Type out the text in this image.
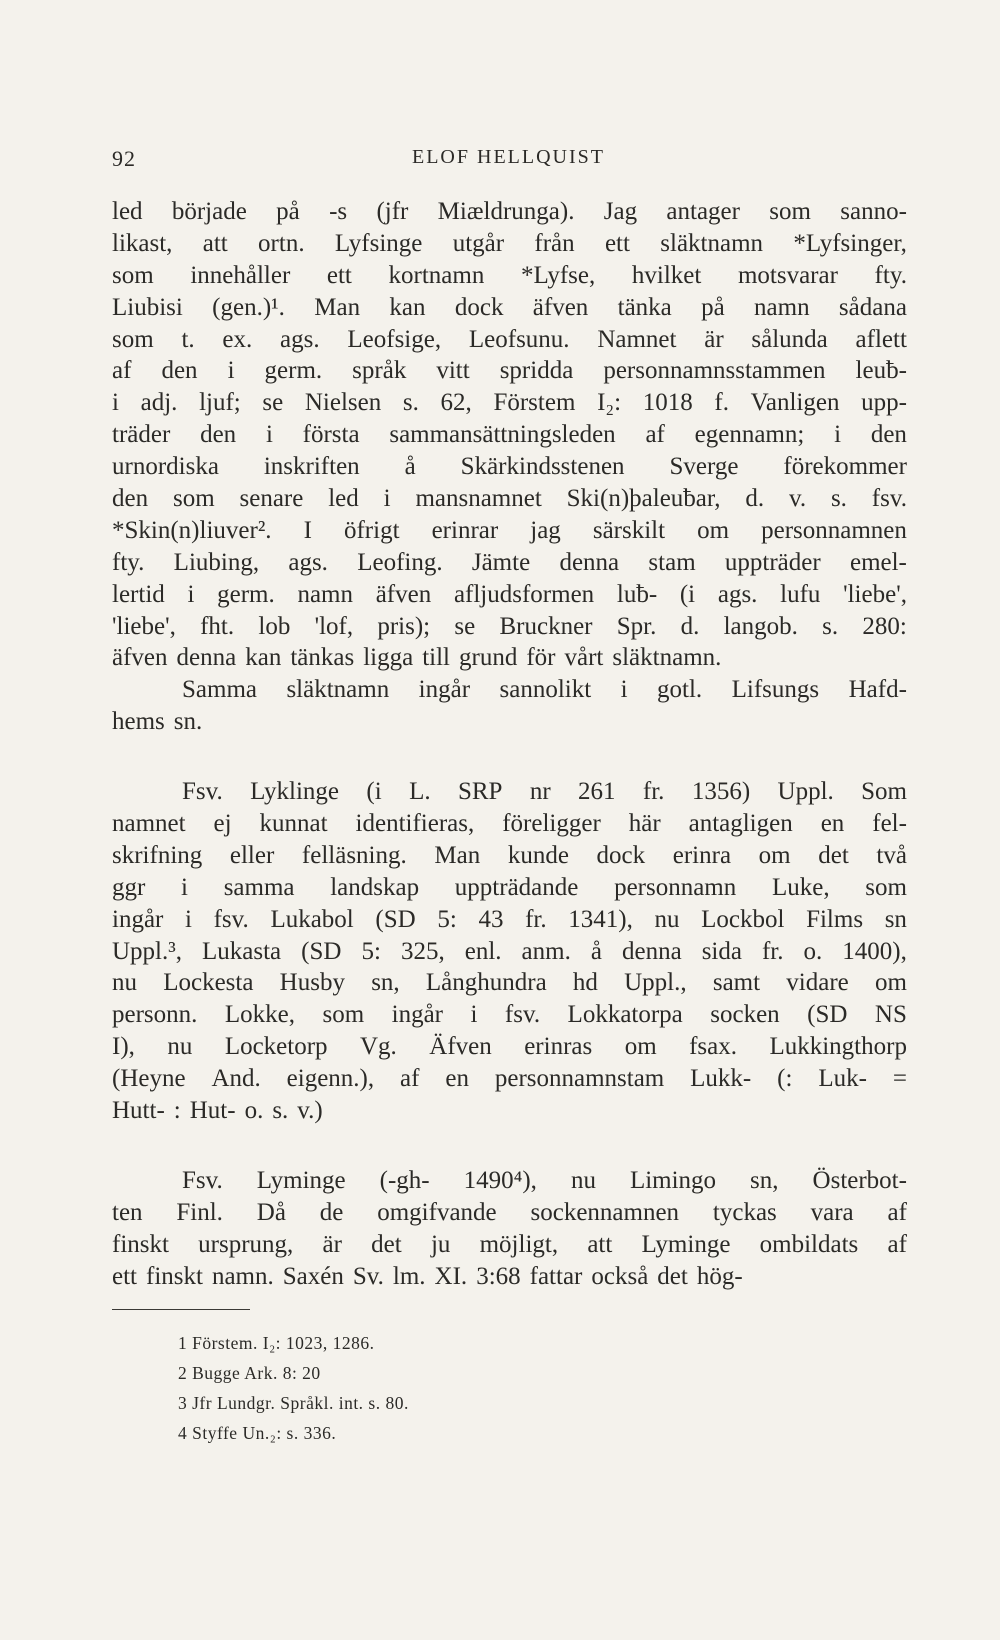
92	ELOF HELLQUIST
led började på -s (jfr Miældrunga). Jag antager som sanno-
likast, att ortn. Lyfsinge utgår från ett släktnamn *Lyfsinger,
som innehåller ett kortnamn *Lyfse, hvilket motsvarar fty.
Liubisi (gen.)¹. Man kan dock äfven tänka på namn sådana
som t. ex. ags. Leofsige, Leofsunu. Namnet är sålunda aflett
af den i germ. språk vitt spridda personnamnsstammen leuƀ-
i adj. ljuf; se Nielsen s. 62, Förstem I₂: 1018 f. Vanligen upp-
träder den i första sammansättningsleden af egennamn; i den
urnordiska inskriften å Skärkindsstenen Sverge förekommer
den som senare led i mansnamnet Ski(n)þaleuƀar, d. v. s. fsv.
*Skin(n)liuver². I öfrigt erinrar jag särskilt om personnamnen
fty. Liubing, ags. Leofing. Jämte denna stam uppträder emel-
lertid i germ. namn äfven afljudsformen luƀ- (i ags. lufu 'liebe',
'liebe', fht. lob 'lof, pris); se Bruckner Spr. d. langob. s. 280:
äfven denna kan tänkas ligga till grund för vårt släktnamn.
Samma släktnamn ingår sannolikt i gotl. Lifsungs Hafd-
hems sn.
Fsv. Lyklinge (i L. SRP nr 261 fr. 1356) Uppl. Som
namnet ej kunnat identifieras, föreligger här antagligen en fel-
skrifning eller felläsning. Man kunde dock erinra om det två
ggr i samma landskap uppträdande personnamn Luke, som
ingår i fsv. Lukabol (SD 5: 43 fr. 1341), nu Lockbol Films sn
Uppl.³, Lukasta (SD 5: 325, enl. anm. å denna sida fr. o. 1400),
nu Lockesta Husby sn, Långhundra hd Uppl., samt vidare om
personn. Lokke, som ingår i fsv. Lokkatorpa socken (SD NS
I), nu Locketorp Vg. Äfven erinras om fsax. Lukkingthorp
(Heyne And. eigenn.), af en personnamnstam Lukk- (: Luk- =
Hutt- : Hut- o. s. v.)
Fsv. Lyminge (-gh- 1490⁴), nu Limingo sn, Österbot-
ten Finl. Då de omgifvande sockennamnen tyckas vara af
finskt ursprung, är det ju möjligt, att Lyminge ombildats af
ett finskt namn. Saxén Sv. lm. XI. 3:68 fattar också det hög-
1 Förstem. I₂: 1023, 1286.
2 Bugge Ark. 8: 20
3 Jfr Lundgr. Språkl. int. s. 80.
4 Styffe Un.₂: s. 336.
